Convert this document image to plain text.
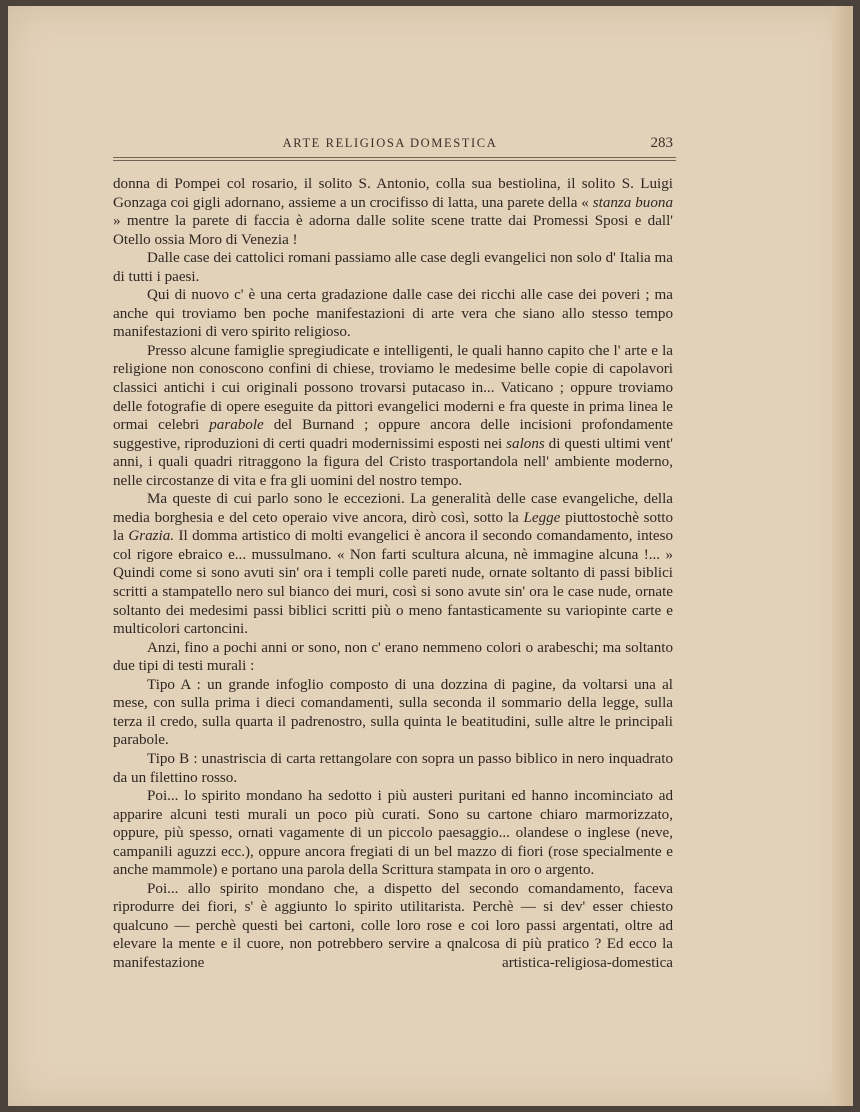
ARTE RELIGIOSA DOMESTICA	283

donna di Pompei col rosario, il solito S. Antonio, colla sua bestiolina, il solito S. Luigi Gonzaga coi gigli adornano, assieme a un crocifisso di latta, una parete della « stanza buona » mentre la parete di faccia è adorna dalle solite scene tratte dai Promessi Sposi e dall' Otello ossia Moro di Venezia !

Dalle case dei cattolici romani passiamo alle case degli evangelici non solo d' Italia ma di tutti i paesi.

Qui di nuovo c' è una certa gradazione dalle case dei ricchi alle case dei poveri ; ma anche qui troviamo ben poche manifestazioni di arte vera che siano allo stesso tempo manifestazioni di vero spirito religioso.

Presso alcune famiglie spregiudicate e intelligenti, le quali hanno capito che l' arte e la religione non conoscono confini di chiese, troviamo le medesime belle copie di capolavori classici antichi i cui originali possono trovarsi putacaso in... Vaticano ; oppure troviamo delle fotografie di opere eseguite da pittori evangelici moderni e fra queste in prima linea le ormai celebri parabole del Burnand ; oppure ancora delle incisioni profondamente suggestive, riproduzioni di certi quadri modernissimi esposti nei salons di questi ultimi vent' anni, i quali quadri ritraggono la figura del Cristo trasportandola nell' ambiente moderno, nelle circostanze di vita e fra gli uomini del nostro tempo.

Ma queste di cui parlo sono le eccezioni. La generalità delle case evangeliche, della media borghesia e del ceto operaio vive ancora, dirò così, sotto la Legge piuttostochè sotto la Grazia. Il domma artistico di molti evangelici è ancora il secondo comandamento, inteso col rigore ebraico e... mussulmano. « Non farti scultura alcuna, nè immagine alcuna !... » Quindi come si sono avuti sin' ora i templi colle pareti nude, ornate soltanto di passi biblici scritti a stampatello nero sul bianco dei muri, così si sono avute sin' ora le case nude, ornate soltanto dei medesimi passi biblici scritti più o meno fantasticamente su variopinte carte e multicolori cartoncini.

Anzi, fino a pochi anni or sono, non c' erano nemmeno colori o arabeschi; ma soltanto due tipi di testi murali :

Tipo A : un grande infoglio composto di una dozzina di pagine, da voltarsi una al mese, con sulla prima i dieci comandamenti, sulla seconda il sommario della legge, sulla terza il credo, sulla quarta il padrenostro, sulla quinta le beatitudini, sulle altre le principali parabole.

Tipo B : unastriscia di carta rettangolare con sopra un passo biblico in nero inquadrato da un filettino rosso.

Poi... lo spirito mondano ha sedotto i più austeri puritani ed hanno incominciato ad apparire alcuni testi murali un poco più curati. Sono su cartone chiaro marmorizzato, oppure, più spesso, ornati vagamente di un piccolo paesaggio... olandese o inglese (neve, campanili aguzzi ecc.), oppure ancora fregiati di un bel mazzo di fiori (rose specialmente e anche mammole) e portano una parola della Scrittura stampata in oro o argento.

Poi... allo spirito mondano che, a dispetto del secondo comandamento, faceva riprodurre dei fiori, s' è aggiunto lo spirito utilitarista. Perchè — si dev' esser chiesto qualcuno — perchè questi bei cartoni, colle loro rose e coi loro passi argentati, oltre ad elevare la mente e il cuore, non potrebbero servire a qnalcosa di più pratico ? Ed ecco la manifestazione artistica-religiosa-domestica
